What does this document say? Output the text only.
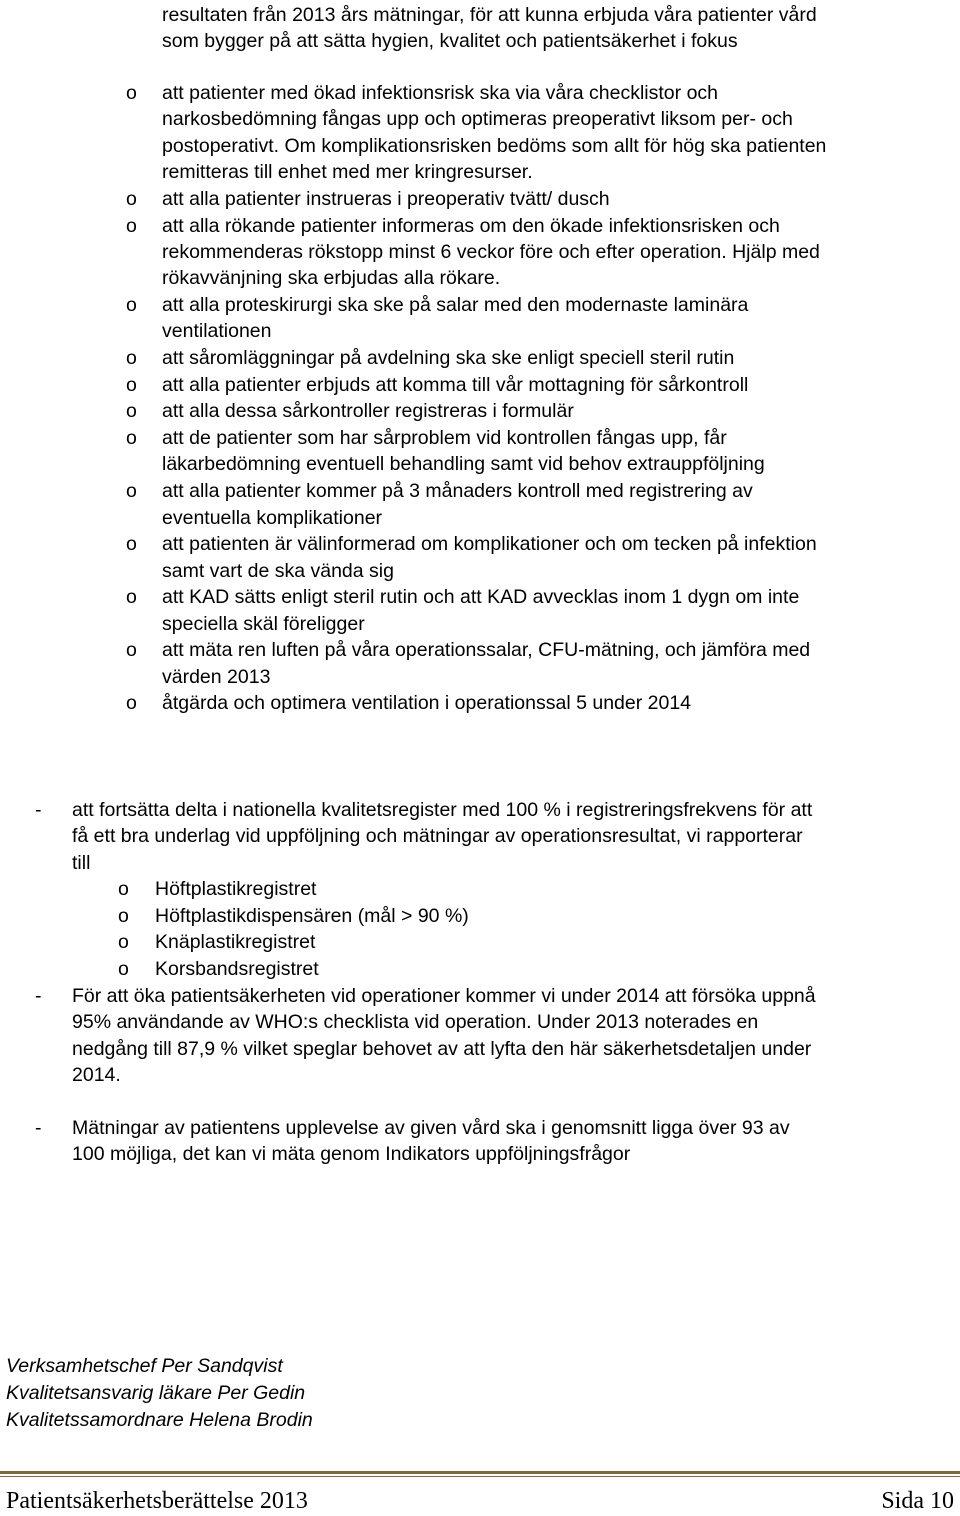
resultaten från 2013 års mätningar, för att kunna erbjuda våra patienter vård
som bygger på att sätta hygien, kvalitet och patientsäkerhet i fokus
o att patienter med ökad infektionsrisk ska via våra checklistor och
narkosbedömning fångas upp och optimeras preoperativt liksom per- och
postoperativt. Om komplikationsrisken bedöms som allt för hög ska patienten
remitteras till enhet med mer kringresurser.
o att alla patienter instrueras i preoperativ tvätt/ dusch
o att alla rökande patienter informeras om den ökade infektionsrisken och
rekommenderas rökstopp minst 6 veckor före och efter operation. Hjälp med
rökavvänjning ska erbjudas alla rökare.
o att alla proteskirurgi ska ske på salar med den modernaste laminära
ventilationen
o att såromläggningar på avdelning ska ske enligt speciell steril rutin
o att alla patienter erbjuds att komma till vår mottagning för sårkontroll
o att alla dessa sårkontroller registreras i formulär
o att de patienter som har sårproblem vid kontrollen fångas upp, får
läkarbedömning eventuell behandling samt vid behov extrauppföljning
o att alla patienter kommer på 3 månaders kontroll med registrering av
eventuella komplikationer
o att patienten är välinformerad om komplikationer och om tecken på infektion
samt vart de ska vända sig
o att KAD sätts enligt steril rutin och att KAD avvecklas inom 1 dygn om inte
speciella skäl föreligger
o att mäta ren luften på våra operationssalar, CFU-mätning, och jämföra med
värden 2013
o åtgärda och optimera ventilation i operationssal 5 under 2014
- att fortsätta delta i nationella kvalitetsregister med 100 % i registreringsfrekvens för att
få ett bra underlag vid uppföljning och mätningar av operationsresultat, vi rapporterar
till
o Höftplastikregistret
o Höftplastikdispensären (mål > 90 %)
o Knäplastikregistret
o Korsbandsregistret
- För att öka patientsäkerheten vid operationer kommer vi under 2014 att försöka uppnå
95% användande av WHO:s checklista vid operation. Under 2013 noterades en
nedgång till 87,9 % vilket speglar behovet av att lyfta den här säkerhetsdetaljen under
2014.
- Mätningar av patientens upplevelse av given vård ska i genomsnitt ligga över 93 av
100 möjliga, det kan vi mäta genom Indikators uppföljningsfrågor
Verksamhetschef Per Sandqvist
Kvalitetsansvarig läkare Per Gedin
Kvalitetssamordnare Helena Brodin
Patientsäkerhetsberättelse 2013	Sida 10
